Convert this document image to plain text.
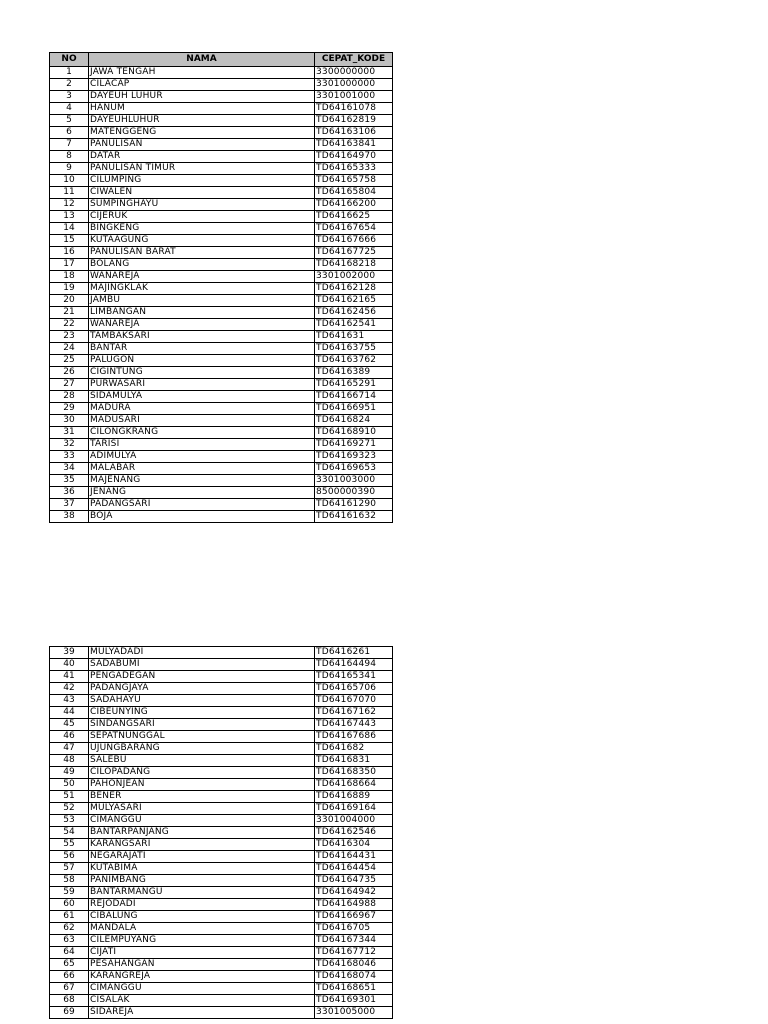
NO	NAMA	CEPAT_KODE
1	JAWA TENGAH	3300000000
2	CILACAP	3301000000
3	DAYEUH LUHUR	3301001000
4	HANUM	TD64161078
5	DAYEUHLUHUR	TD64162819
6	MATENGGENG	TD64163106
7	PANULISAN	TD64163841
8	DATAR	TD64164970
9	PANULISAN TIMUR	TD64165333
10	CILUMPING	TD64165758
11	CIWALEN	TD64165804
12	SUMPINGHAYU	TD64166200
13	CIJERUK	TD6416625
14	BINGKENG	TD64167654
15	KUTAAGUNG	TD64167666
16	PANULISAN BARAT	TD64167725
17	BOLANG	TD64168218
18	WANAREJA	3301002000
19	MAJINGKLAK	TD64162128
20	JAMBU	TD64162165
21	LIMBANGAN	TD64162456
22	WANAREJA	TD64162541
23	TAMBAKSARI	TD641631
24	BANTAR	TD64163755
25	PALUGON	TD64163762
26	CIGINTUNG	TD6416389
27	PURWASARI	TD64165291
28	SIDAMULYA	TD64166714
29	MADURA	TD64166951
30	MADUSARI	TD6416824
31	CILONGKRANG	TD64168910
32	TARISI	TD64169271
33	ADIMULYA	TD64169323
34	MALABAR	TD64169653
35	MAJENANG	3301003000
36	JENANG	8500000390
37	PADANGSARI	TD64161290
38	BOJA	TD64161632
39	MULYADADI	TD6416261
40	SADABUMI	TD64164494
41	PENGADEGAN	TD64165341
42	PADANGJAYA	TD64165706
43	SADAHAYU	TD64167070
44	CIBEUNYING	TD64167162
45	SINDANGSARI	TD64167443
46	SEPATNUNGGAL	TD64167686
47	UJUNGBARANG	TD641682
48	SALEBU	TD6416831
49	CILOPADANG	TD64168350
50	PAHONJEAN	TD64168664
51	BENER	TD6416889
52	MULYASARI	TD64169164
53	CIMANGGU	3301004000
54	BANTARPANJANG	TD64162546
55	KARANGSARI	TD6416304
56	NEGARAJATI	TD64164431
57	KUTABIMA	TD64164454
58	PANIMBANG	TD64164735
59	BANTARMANGU	TD64164942
60	REJODADI	TD64164988
61	CIBALUNG	TD64166967
62	MANDALA	TD6416705
63	CILEMPUYANG	TD64167344
64	CIJATI	TD64167712
65	PESAHANGAN	TD64168046
66	KARANGREJA	TD64168074
67	CIMANGGU	TD64168651
68	CISALAK	TD64169301
69	SIDAREJA	3301005000
